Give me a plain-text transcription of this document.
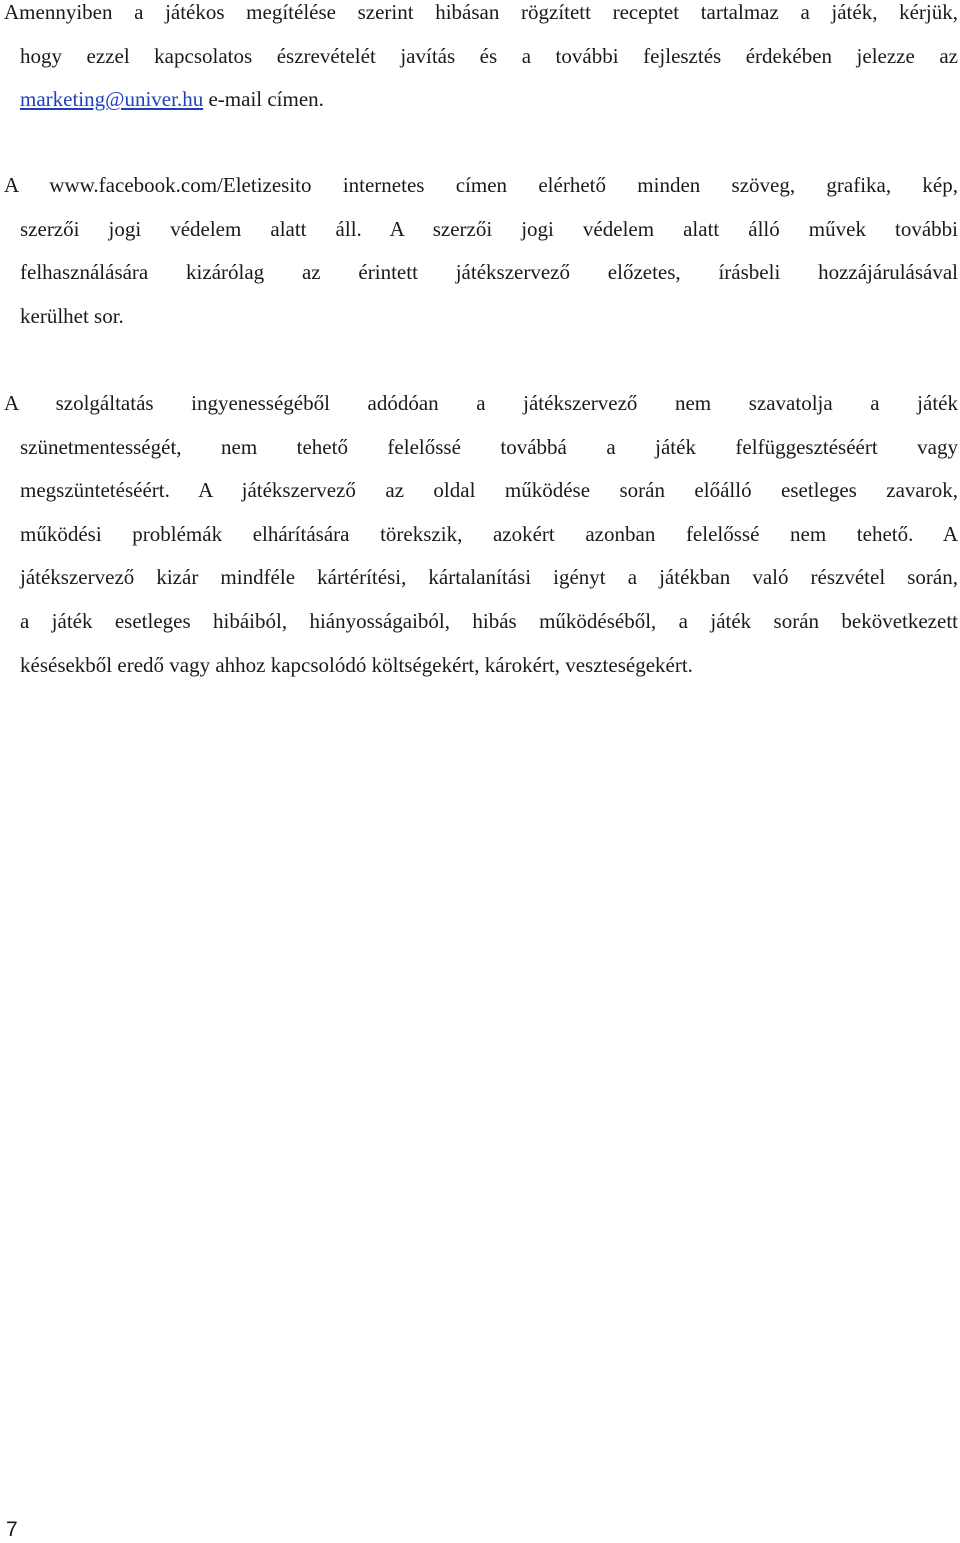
Amennyiben a játékos megítélése szerint hibásan rögzített receptet tartalmaz a játék, kérjük,
hogy ezzel kapcsolatos észrevételét javítás és a további fejlesztés érdekében jelezze az
marketing@univer.hu e-mail címen.

A www.facebook.com/Eletizesito internetes címen elérhető minden szöveg, grafika, kép,
szerzői jogi védelem alatt áll. A szerzői jogi védelem alatt álló művek további
felhasználására kizárólag az érintett játékszervező előzetes, írásbeli hozzájárulásával
kerülhet sor.

A szolgáltatás ingyenességéből adódóan a játékszervező nem szavatolja a játék
szünetmentességét, nem tehető felelőssé továbbá a játék felfüggesztéséért vagy
megszüntetéséért. A játékszervező az oldal működése során előálló esetleges zavarok,
működési problémák elhárítására törekszik, azokért azonban felelőssé nem tehető. A
játékszervező kizár mindféle kártérítési, kártalanítási igényt a játékban való részvétel során,
a játék esetleges hibáiból, hiányosságaiból, hibás működéséből, a játék során bekövetkezett
késésekből eredő vagy ahhoz kapcsolódó költségekért, károkért, veszteségekért.

7
